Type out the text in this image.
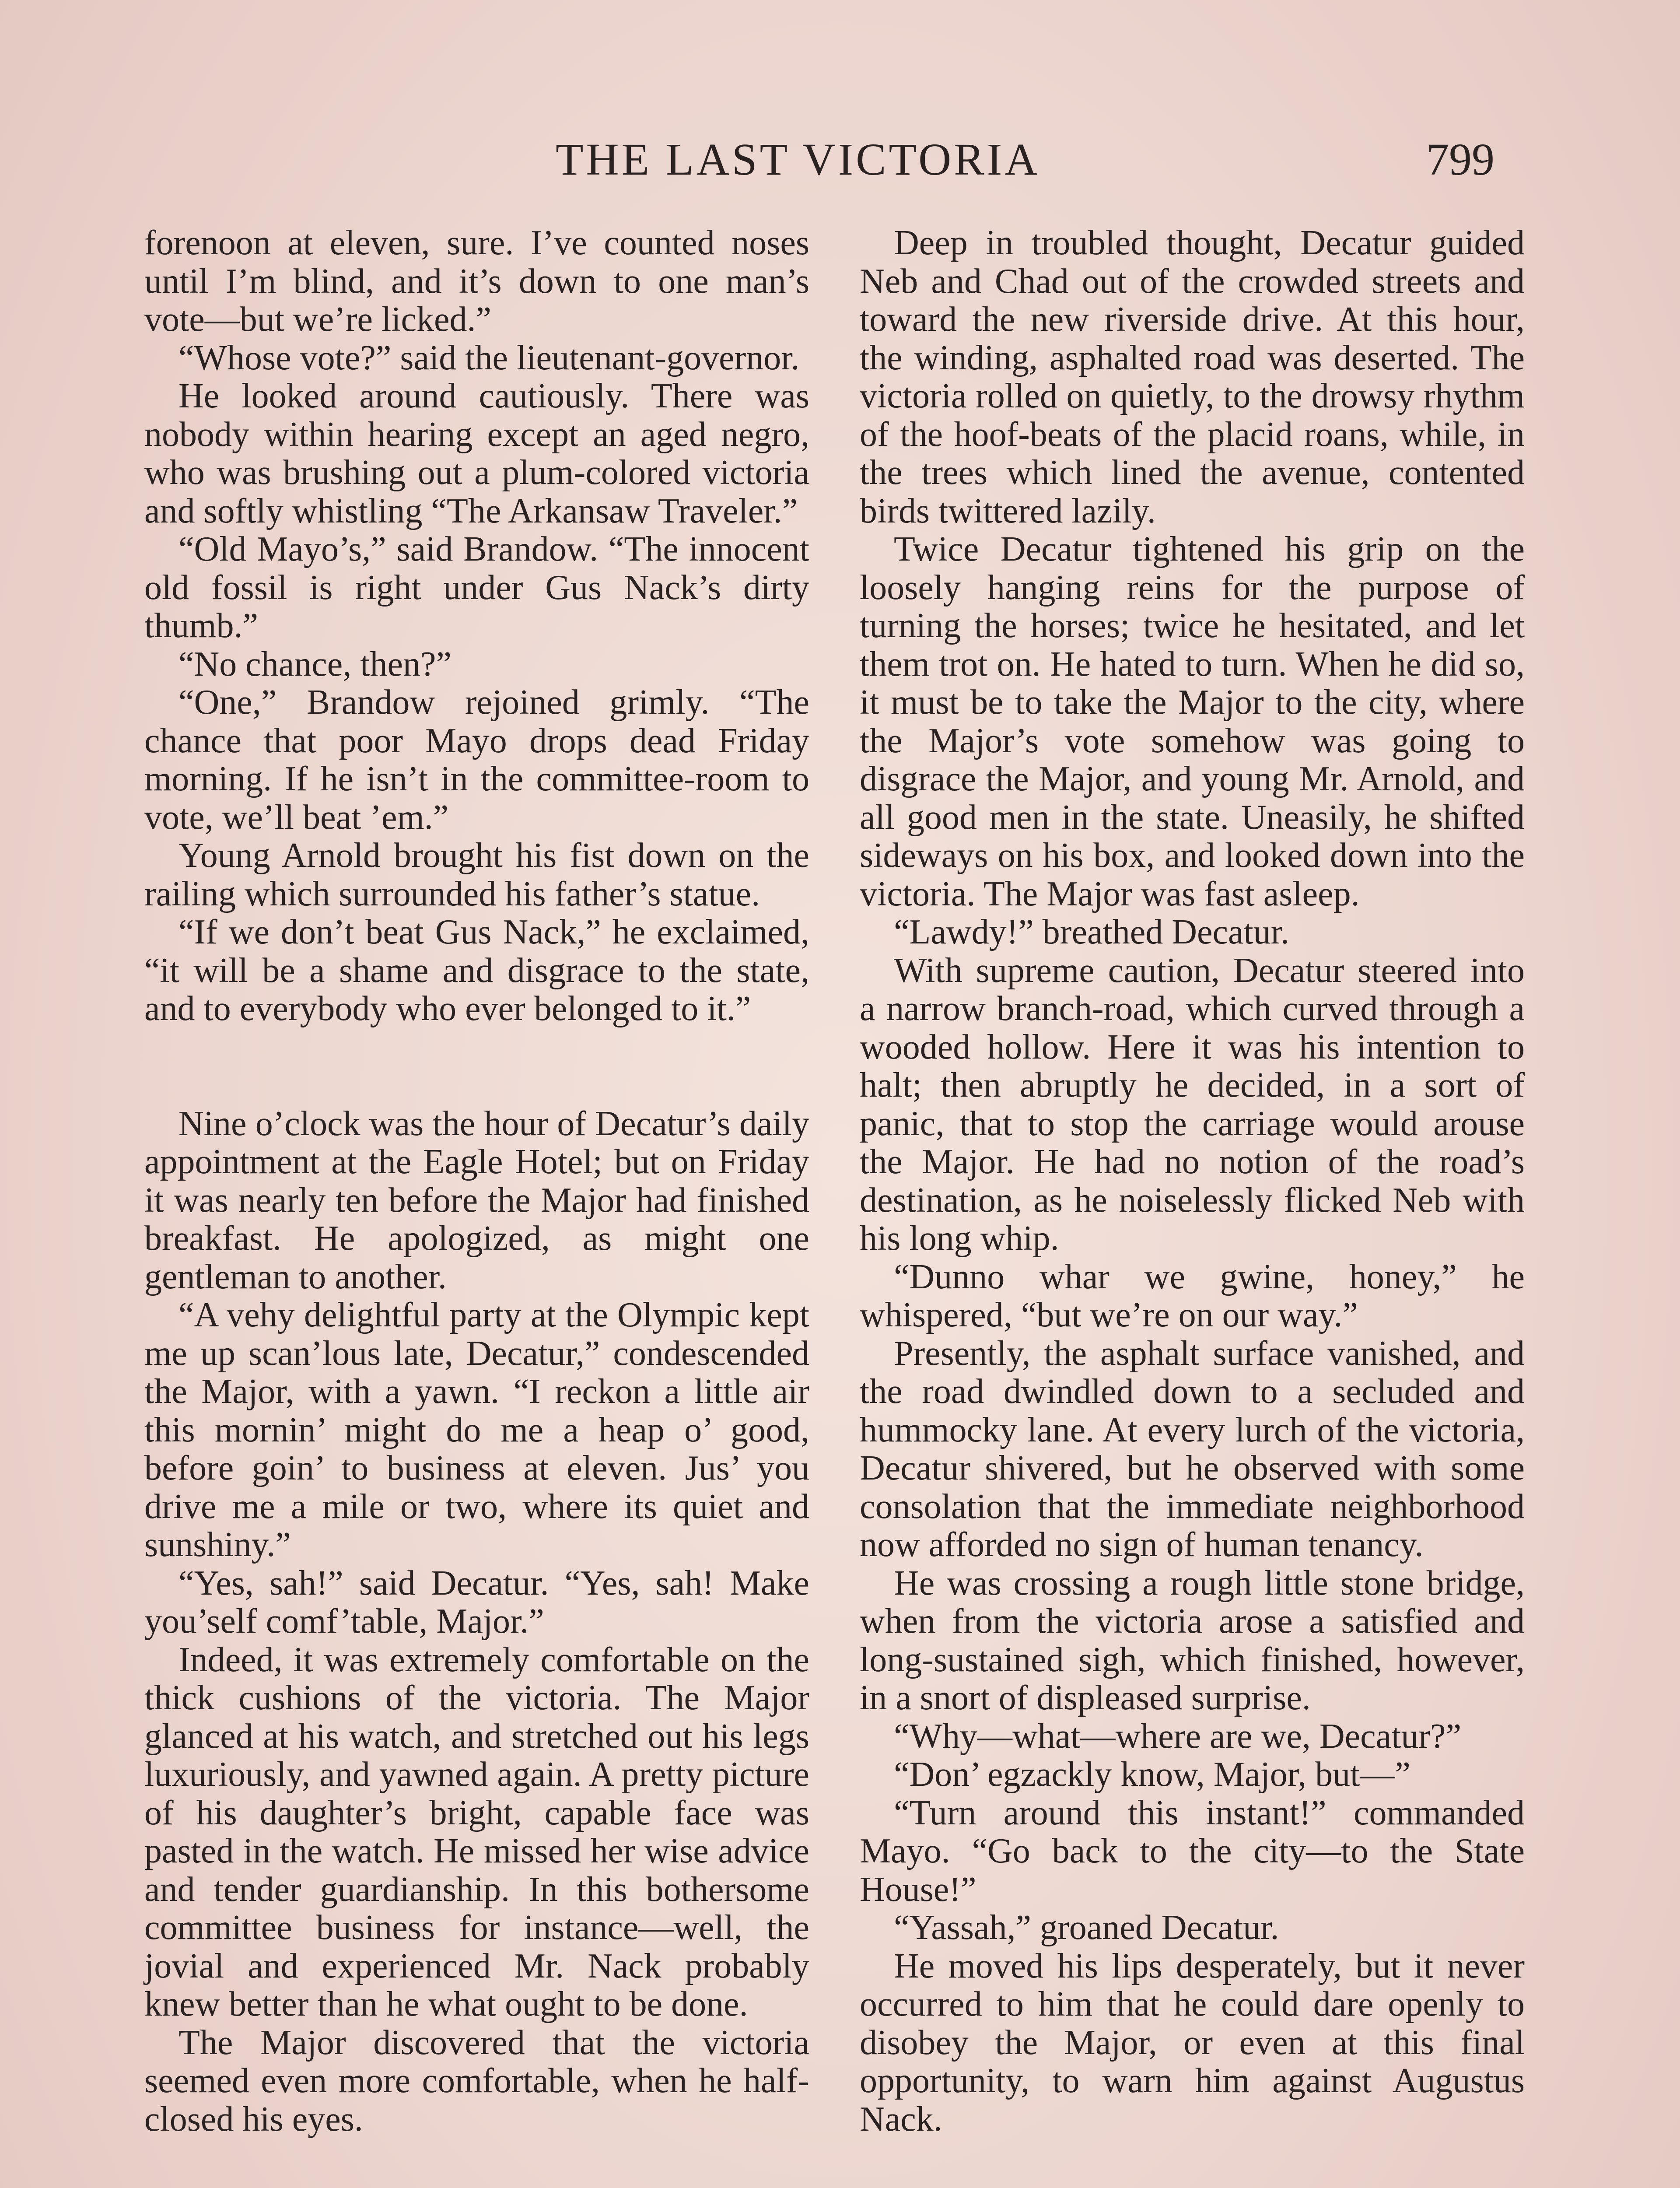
THE LAST VICTORIA	799

forenoon at eleven, sure. I’ve counted noses until I’m blind, and it’s down to one man’s vote—but we’re licked.”

“Whose vote?” said the lieutenant-governor.

He looked around cautiously. There was nobody within hearing except an aged negro, who was brushing out a plum-colored victoria and softly whistling “The Arkansaw Traveler.”

“Old Mayo’s,” said Brandow. “The innocent old fossil is right under Gus Nack’s dirty thumb.”

“No chance, then?”

“One,” Brandow rejoined grimly. “The chance that poor Mayo drops dead Friday morning. If he isn’t in the committee-room to vote, we’ll beat ’em.”

Young Arnold brought his fist down on the railing which surrounded his father’s statue.

“If we don’t beat Gus Nack,” he exclaimed, “it will be a shame and disgrace to the state, and to everybody who ever belonged to it.”

Nine o’clock was the hour of Decatur’s daily appointment at the Eagle Hotel; but on Friday it was nearly ten before the Major had finished breakfast. He apologized, as might one gentleman to another.

“A vehy delightful party at the Olympic kept me up scan’lous late, Decatur,” condescended the Major, with a yawn. “I reckon a little air this mornin’ might do me a heap o’ good, before goin’ to business at eleven. Jus’ you drive me a mile or two, where its quiet and sunshiny.”

“Yes, sah!” said Decatur. “Yes, sah! Make you’self comf’table, Major.”

Indeed, it was extremely comfortable on the thick cushions of the victoria. The Major glanced at his watch, and stretched out his legs luxuriously, and yawned again. A pretty picture of his daughter’s bright, capable face was pasted in the watch. He missed her wise advice and tender guardianship. In this bothersome committee business for instance—well, the jovial and experienced Mr. Nack probably knew better than he what ought to be done.

The Major discovered that the victoria seemed even more comfortable, when he half-closed his eyes.

Deep in troubled thought, Decatur guided Neb and Chad out of the crowded streets and toward the new riverside drive. At this hour, the winding, asphalted road was deserted. The victoria rolled on quietly, to the drowsy rhythm of the hoof-beats of the placid roans, while, in the trees which lined the avenue, contented birds twittered lazily.

Twice Decatur tightened his grip on the loosely hanging reins for the purpose of turning the horses; twice he hesitated, and let them trot on. He hated to turn. When he did so, it must be to take the Major to the city, where the Major’s vote somehow was going to disgrace the Major, and young Mr. Arnold, and all good men in the state. Uneasily, he shifted sideways on his box, and looked down into the victoria. The Major was fast asleep.

“Lawdy!” breathed Decatur.

With supreme caution, Decatur steered into a narrow branch-road, which curved through a wooded hollow. Here it was his intention to halt; then abruptly he decided, in a sort of panic, that to stop the carriage would arouse the Major. He had no notion of the road’s destination, as he noiselessly flicked Neb with his long whip.

“Dunno whar we gwine, honey,” he whispered, “but we’re on our way.”

Presently, the asphalt surface vanished, and the road dwindled down to a secluded and hummocky lane. At every lurch of the victoria, Decatur shivered, but he observed with some consolation that the immediate neighborhood now afforded no sign of human tenancy.

He was crossing a rough little stone bridge, when from the victoria arose a satisfied and long-sustained sigh, which finished, however, in a snort of displeased surprise.

“Why—what—where are we, Decatur?”

“Don’ egzackly know, Major, but—”

“Turn around this instant!” commanded Mayo. “Go back to the city—to the State House!”

“Yassah,” groaned Decatur.

He moved his lips desperately, but it never occurred to him that he could dare openly to disobey the Major, or even at this final opportunity, to warn him against Augustus Nack.
